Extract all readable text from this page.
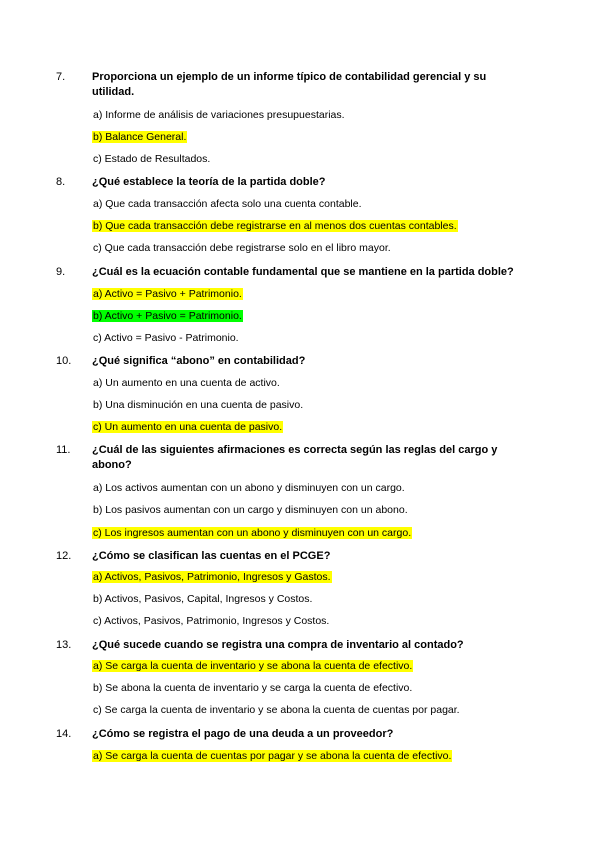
7. Proporciona un ejemplo de un informe típico de contabilidad gerencial y su utilidad.
a) Informe de análisis de variaciones presupuestarias.
b) Balance General.
c) Estado de Resultados.
8. ¿Qué establece la teoría de la partida doble?
a) Que cada transacción afecta solo una cuenta contable.
b) Que cada transacción debe registrarse en al menos dos cuentas contables.
c) Que cada transacción debe registrarse solo en el libro mayor.
9. ¿Cuál es la ecuación contable fundamental que se mantiene en la partida doble?
a) Activo = Pasivo + Patrimonio.
b) Activo + Pasivo = Patrimonio.
c) Activo = Pasivo - Patrimonio.
10. ¿Qué significa “abono” en contabilidad?
a) Un aumento en una cuenta de activo.
b) Una disminución en una cuenta de pasivo.
c) Un aumento en una cuenta de pasivo.
11. ¿Cuál de las siguientes afirmaciones es correcta según las reglas del cargo y abono?
a) Los activos aumentan con un abono y disminuyen con un cargo.
b) Los pasivos aumentan con un cargo y disminuyen con un abono.
c) Los ingresos aumentan con un abono y disminuyen con un cargo.
12. ¿Cómo se clasifican las cuentas en el PCGE?
a) Activos, Pasivos, Patrimonio, Ingresos y Gastos.
b) Activos, Pasivos, Capital, Ingresos y Costos.
c) Activos, Pasivos, Patrimonio, Ingresos y Costos.
13. ¿Qué sucede cuando se registra una compra de inventario al contado?
a) Se carga la cuenta de inventario y se abona la cuenta de efectivo.
b) Se abona la cuenta de inventario y se carga la cuenta de efectivo.
c) Se carga la cuenta de inventario y se abona la cuenta de cuentas por pagar.
14. ¿Cómo se registra el pago de una deuda a un proveedor?
a) Se carga la cuenta de cuentas por pagar y se abona la cuenta de efectivo.
